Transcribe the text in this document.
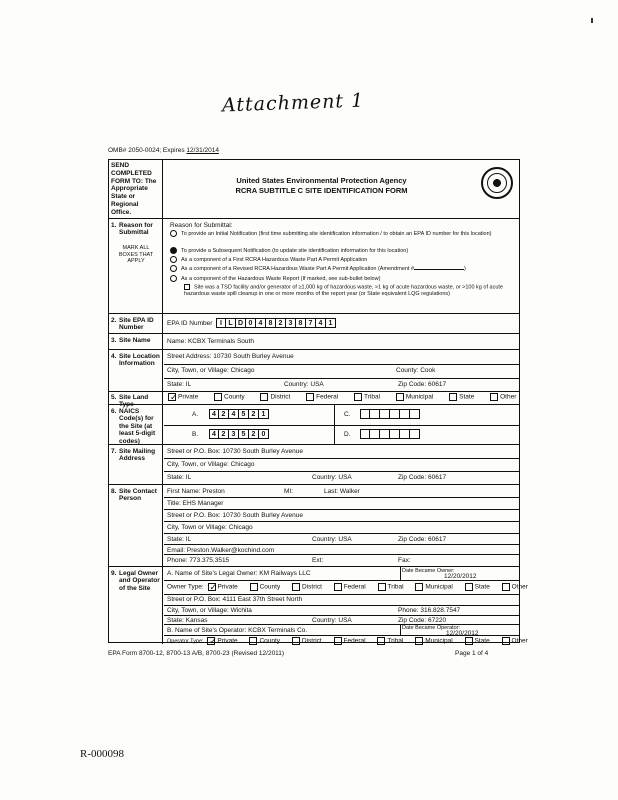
Attachment 1
OMB# 2050-0024; Expires 12/31/2014
SEND COMPLETED FORM TO: The Appropriate State or Regional Office.
United States Environmental Protection Agency
RCRA SUBTITLE C SITE IDENTIFICATION FORM
1. Reason for Submittal
MARK ALL BOXES THAT APPLY
Reason for Submittal:
To provide an Initial Notification (first time submitting site identification information / to obtain an EPA ID number for this location)
To provide a Subsequent Notification (to update site identification information for this location)
As a component of a First RCRA Hazardous Waste Part A Permit Application
As a component of a Revised RCRA Hazardous Waste Part A Permit Application (Amendment #	)
As a component of the Hazardous Waste Report (If marked, see sub-bullet below)
Site was a TSD facility and/or generator of ≥1,000 kg of hazardous waste, >1 kg of acute hazardous waste, or >100 kg of acute hazardous waste spill cleanup in one or more months of the report year (or State equivalent LQG regulations)
2. Site EPA ID Number
EPA ID Number	I L D 0 4 8 2 3 8 7 4 1
3. Site Name	Name: KCBX Terminals South
4. Site Location Information
Street Address: 10730 South Burley Avenue
City, Town, or Village: Chicago	County: Cook
State: IL	Country: USA	Zip Code: 60617
5. Site Land Type
✓Private	County	District	Federal	Tribal	Municipal	State	Other
6. NAICS Code(s) for the Site (at least 5-digit codes)
A.	4 2 4 5 2 1	C.
B.	4 2 3 5 2 0	D.
7. Site Mailing Address
Street or P.O. Box: 10730 South Burley Avenue
City, Town, or Village: Chicago
State: IL	Country: USA	Zip Code: 60617
8. Site Contact Person
First Name: Preston	MI:	Last: Walker
Title: EHS Manager
Street or P.O. Box: 10730 South Burley Avenue
City, Town or Village: Chicago
State: IL	Country: USA	Zip Code: 60617
Email: Preston.Walker@kochind.com
Phone: 773.375.3515	Ext:	Fax:
9. Legal Owner and Operator of the Site
A. Name of Site's Legal Owner: KM Railways LLC	Date Became Owner:
12/20/2012
Owner Type: ✓ Private	County	District	Federal	Tribal	Municipal	State	Other
Street or P.O. Box: 4111 East 37th Street North
City, Town, or Village: Wichita	Phone: 316.828.7547
State: Kansas	Country: USA	Zip Code: 67220
B. Name of Site's Operator: KCBX Terminals Co.	Date Became Operator:
12/20/2012
Operator Type: ✓ Private	County	District	Federal	Tribal	Municipal	State	Other
EPA Form 8700-12, 8700-13 A/B, 8700-23 (Revised 12/2011)	Page 1 of 4
R-000098
